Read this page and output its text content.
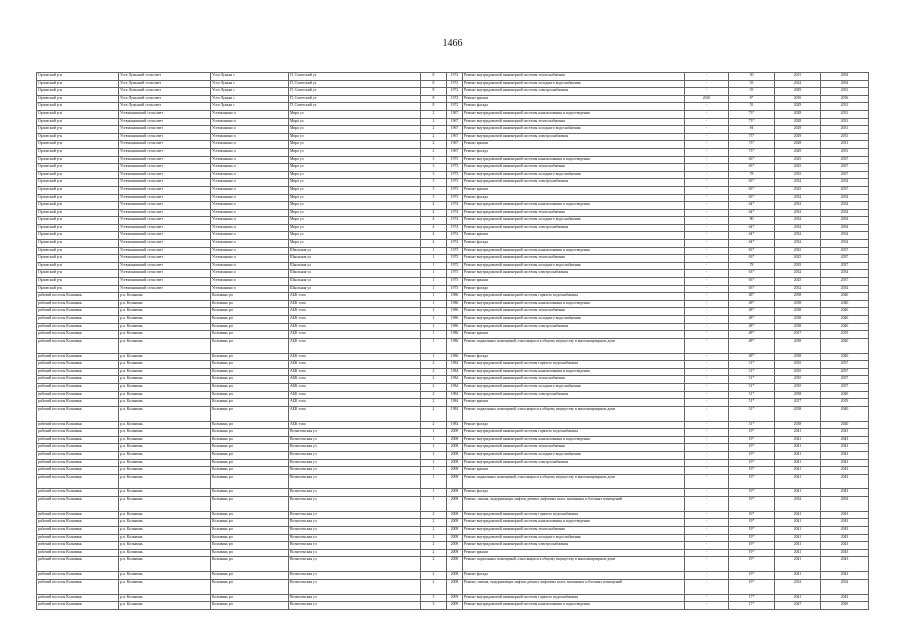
1466
Орловский р-н	Усть-Луньский сельсовет	Усть-Лунька с	П. Советский ул	8	1972	Ремонт внутридомовой инженерной системы теплоснабжения	-	50	2015	2034
Орловский р-н	Усть-Луньский сельсовет	Усть-Лунька с	П. Советский ул	8	1972	Ремонт внутридомовой инженерной системы холодного водоснабжения	-	55	2022	2034
Орловский р-н	Усть-Луньский сельсовет	Усть-Лунька с	П. Советский ул	8	1972	Ремонт внутридомовой инженерной системы электроснабжения	-	55	2029	2031
Орловский р-н	Усть-Луньский сельсовет	Усть-Лунька с	П. Советский ул	8	1972	Ремонт крыши	2010	8*	2016	2016
Орловский р-н	Усть-Луньский сельсовет	Усть-Лунька с	П. Советский ул	8	1972	Ремонт фасада	-	55	2029	2031
Орловский р-н	Устюжанинский сельсовет	Устюжанино п	Мира ул	2	1967	Ремонт внутридомовой инженерной системы канализования и водоотведения	-	73*	2028	2031
Орловский р-н	Устюжанинский сельсовет	Устюжанино п	Мира ул	2	1967	Ремонт внутридомовой инженерной системы теплоснабжения	-	73*	2028	2031
Орловский р-н	Устюжанинский сельсовет	Устюжанино п	Мира ул	2	1967	Ремонт внутридомовой инженерной системы холодного водоснабжения	-	94	2029	2031
Орловский р-н	Устюжанинский сельсовет	Устюжанино п	Мира ул	2	1967	Ремонт внутридомовой инженерной системы электроснабжения	-	73*	2029	2031
Орловский р-н	Устюжанинский сельсовет	Устюжанино п	Мира ул	2	1967	Ремонт крыши	-	73*	2028	2031
Орловский р-н	Устюжанинский сельсовет	Устюжанино п	Мира ул	2	1967	Ремонт фасада	-	73*	2029	2031
Орловский р-н	Устюжанинский сельсовет	Устюжанино п	Мира ул	3	1975	Ремонт внутридомовой инженерной системы канализования и водоотведения	-	63*	2025	2037
Орловский р-н	Устюжанинский сельсовет	Устюжанино п	Мира ул	3	1975	Ремонт внутридомовой инженерной системы теплоснабжения	-	63*	2025	2037
Орловский р-н	Устюжанинский сельсовет	Устюжанино п	Мира ул	3	1975	Ремонт внутридомовой инженерной системы холодного водоснабжения	-	78	2035	2037
Орловский р-н	Устюжанинский сельсовет	Устюжанино п	Мира ул	3	1975	Ремонт внутридомовой инженерной системы электроснабжения	-	63*	2032	2034
Орловский р-н	Устюжанинский сельсовет	Устюжанино п	Мира ул	3	1975	Ремонт крыши	-	63*	2025	2037
Орловский р-н	Устюжанинский сельсовет	Устюжанино п	Мира ул	3	1975	Ремонт фасада	-	63*	2032	2034
Орловский р-н	Устюжанинский сельсовет	Устюжанино п	Мира ул	4	1974	Ремонт внутридомовой инженерной системы канализования и водоотведения	-	64*	2032	2034
Орловский р-н	Устюжанинский сельсовет	Устюжанино п	Мира ул	4	1974	Ремонт внутридомовой инженерной системы теплоснабжения	-	64*	2032	2034
Орловский р-н	Устюжанинский сельсовет	Устюжанино п	Мира ул	4	1974	Ремонт внутридомовой инженерной системы холодного водоснабжения	-	80	2032	2034
Орловский р-н	Устюжанинский сельсовет	Устюжанино п	Мира ул	4	1974	Ремонт внутридомовой инженерной системы электроснабжения	-	64*	2032	2034
Орловский р-н	Устюжанинский сельсовет	Устюжанино п	Мира ул	4	1974	Ремонт крыши	-	64*	2032	2034
Орловский р-н	Устюжанинский сельсовет	Устюжанино п	Мира ул	4	1974	Ремонт фасада	-	64*	2032	2034
Орловский р-н	Устюжанинский сельсовет	Устюжанино п	Школьная ул	1	1975	Ремонт внутридомовой инженерной системы канализования и водоотведения	-	63*	2025	2037
Орловский р-н	Устюжанинский сельсовет	Устюжанино п	Школьная ул	1	1975	Ремонт внутридомовой инженерной системы теплоснабжения	-	63*	2025	2037
Орловский р-н	Устюжанинский сельсовет	Устюжанино п	Школьная ул	1	1975	Ремонт внутридомовой инженерной системы холодного водоснабжения	-	78	2035	2037
Орловский р-н	Устюжанинский сельсовет	Устюжанино п	Школьная ул	1	1975	Ремонт внутридомовой инженерной системы электроснабжения	-	63*	2032	2034
Орловский р-н	Устюжанинский сельсовет	Устюжанино п	Школьная ул	1	1975	Ремонт крыши	-	63*	2025	2037
Орловский р-н	Устюжанинский сельсовет	Устюжанино п	Школьная ул	1	1975	Ремонт фасада	-	63*	2032	2034
рабочий поселок Колывань	р.п. Колывань	Колывань рп	АБК тэпа	1	1986	Ремонт внутридомовой инженерной системы горячего водоснабжения	-	48*	2038	2040
рабочий поселок Колывань	р.п. Колывань	Колывань рп	АБК тэпа	1	1986	Ремонт внутридомовой инженерной системы канализования и водоотведения	-	48*	2038	2040
рабочий поселок Колывань	р.п. Колывань	Колывань рп	АБК тэпа	1	1986	Ремонт внутридомовой инженерной системы теплоснабжения	-	48*	2038	2040
рабочий поселок Колывань	р.п. Колывань	Колывань рп	АБК тэпа	1	1986	Ремонт внутридомовой инженерной системы холодного водоснабжения	-	48*	2038	2040
рабочий поселок Колывань	р.п. Колывань	Колывань рп	АБК тэпа	1	1986	Ремонт внутридомовой инженерной системы электроснабжения	-	48*	2038	2040
рабочий поселок Колывань	р.п. Колывань	Колывань рп	АБК тэпа	1	1986	Ремонт крыши	-	48*	2017	2019
рабочий поселок Колывань	р.п. Колывань	Колывань рп	АБК тэпа	1	1986	Ремонт подвальных помещений, относящихся к общему имуществу в многоквартирном доме	-	48*	2038	2040
рабочий поселок Колывань	р.п. Колывань	Колывань рп	АБК тэпа	1	1986	Ремонт фасада	-	48*	2038	2040
рабочий поселок Колывань	р.п. Колывань	Колывань рп	АБК тэпа	2	1984	Ремонт внутридомовой инженерной системы горячего водоснабжения	-	51*	2035	2037
рабочий поселок Колывань	р.п. Колывань	Колывань рп	АБК тэпа	2	1984	Ремонт внутридомовой инженерной системы канализования и водоотведения	-	51*	2035	2037
рабочий поселок Колывань	р.п. Колывань	Колывань рп	АБК тэпа	2	1984	Ремонт внутридомовой инженерной системы теплоснабжения	-	51*	2035	2037
рабочий поселок Колывань	р.п. Колывань	Колывань рп	АБК тэпа	2	1984	Ремонт внутридомовой инженерной системы холодного водоснабжения	-	51*	2035	2037
рабочий поселок Колывань	р.п. Колывань	Колывань рп	АБК тэпа	2	1984	Ремонт внутридомовой инженерной системы электроснабжения	-	51*	2038	2040
рабочий поселок Колывань	р.п. Колывань	Колывань рп	АБК тэпа	2	1984	Ремонт крыши	-	51*	2017	2019
рабочий поселок Колывань	р.п. Колывань	Колывань рп	АБК тэпа	2	1984	Ремонт подвальных помещений, относящихся к общему имуществу в многоквартирном доме	-	51*	2038	2040
рабочий поселок Колывань	р.п. Колывань	Колывань рп	АБК тэпа	2	1984	Ремонт фасада	-	51*	2038	2040
рабочий поселок Колывань	р.п. Колывань	Колывань рп	Вознесенская ул	1	2008	Ремонт внутридомовой инженерной системы горячего водоснабжения	-	19*	2041	2043
рабочий поселок Колывань	р.п. Колывань	Колывань рп	Вознесенская ул	1	2008	Ремонт внутридомовой инженерной системы канализования и водоотведения	-	19*	2041	2043
рабочий поселок Колывань	р.п. Колывань	Колывань рп	Вознесенская ул	1	2008	Ремонт внутридомовой инженерной системы теплоснабжения	-	19*	2041	2043
рабочий поселок Колывань	р.п. Колывань	Колывань рп	Вознесенская ул	1	2008	Ремонт внутридомовой инженерной системы холодного водоснабжения	-	19*	2041	2043
рабочий поселок Колывань	р.п. Колывань	Колывань рп	Вознесенская ул	1	2008	Ремонт внутридомовой инженерной системы электроснабжения	-	19*	2041	2043
рабочий поселок Колывань	р.п. Колывань	Колывань рп	Вознесенская ул	1	2008	Ремонт крыши	-	19*	2041	2043
рабочий поселок Колывань	р.п. Колывань	Колывань рп	Вознесенская ул	1	2008	Ремонт подвальных помещений, относящихся к общему имуществу в многоквартирном доме	-	19*	2041	2043
рабочий поселок Колывань	р.п. Колывань	Колывань рп	Вознесенская ул	1	2008	Ремонт фасада	-	19*	2041	2043
рабочий поселок Колывань	р.п. Колывань	Колывань рп	Вознесенская ул	1	2008	Ремонт, замена, модернизация лифтов, ремонт лифтовых шахт, машинных и блочных помещений	-	19*	2032	2034
рабочий поселок Колывань	р.п. Колывань	Колывань рп	Вознесенская ул	2	2008	Ремонт внутридомовой инженерной системы горячего водоснабжения	-	19*	2041	2043
рабочий поселок Колывань	р.п. Колывань	Колывань рп	Вознесенская ул	2	2008	Ремонт внутридомовой инженерной системы канализования и водоотведения	-	19*	2041	2043
рабочий поселок Колывань	р.п. Колывань	Колывань рп	Вознесенская ул	2	2008	Ремонт внутридомовой инженерной системы теплоснабжения	-	19*	2041	2043
рабочий поселок Колывань	р.п. Колывань	Колывань рп	Вознесенская ул	2	2008	Ремонт внутридомовой инженерной системы холодного водоснабжения	-	19*	2041	2043
рабочий поселок Колывань	р.п. Колывань	Колывань рп	Вознесенская ул	2	2008	Ремонт внутридомовой инженерной системы электроснабжения	-	19*	2041	2043
рабочий поселок Колывань	р.п. Колывань	Колывань рп	Вознесенская ул	2	2008	Ремонт крыши	-	19*	2041	2043
рабочий поселок Колывань	р.п. Колывань	Колывань рп	Вознесенская ул	2	2008	Ремонт подвальных помещений, относящихся к общему имуществу в многоквартирном доме	-	19*	2041	2043
рабочий поселок Колывань	р.п. Колывань	Колывань рп	Вознесенская ул	2	2008	Ремонт фасада	-	19*	2041	2043
рабочий поселок Колывань	р.п. Колывань	Колывань рп	Вознесенская ул	2	2008	Ремонт, замена, модернизация лифтов, ремонт лифтовых шахт, машинных и блочных помещений	-	19*	2032	2034
рабочий поселок Колывань	р.п. Колывань	Колывань рп	Вознесенская ул	3	2009	Ремонт внутридомовой инженерной системы горячего водоснабжения	-	17*	2041	2043
рабочий поселок Колывань	р.п. Колывань	Колывань рп	Вознесенская ул	3	2009	Ремонт внутридомовой инженерной системы канализования и водоотведения	-	17*	2047	2049
